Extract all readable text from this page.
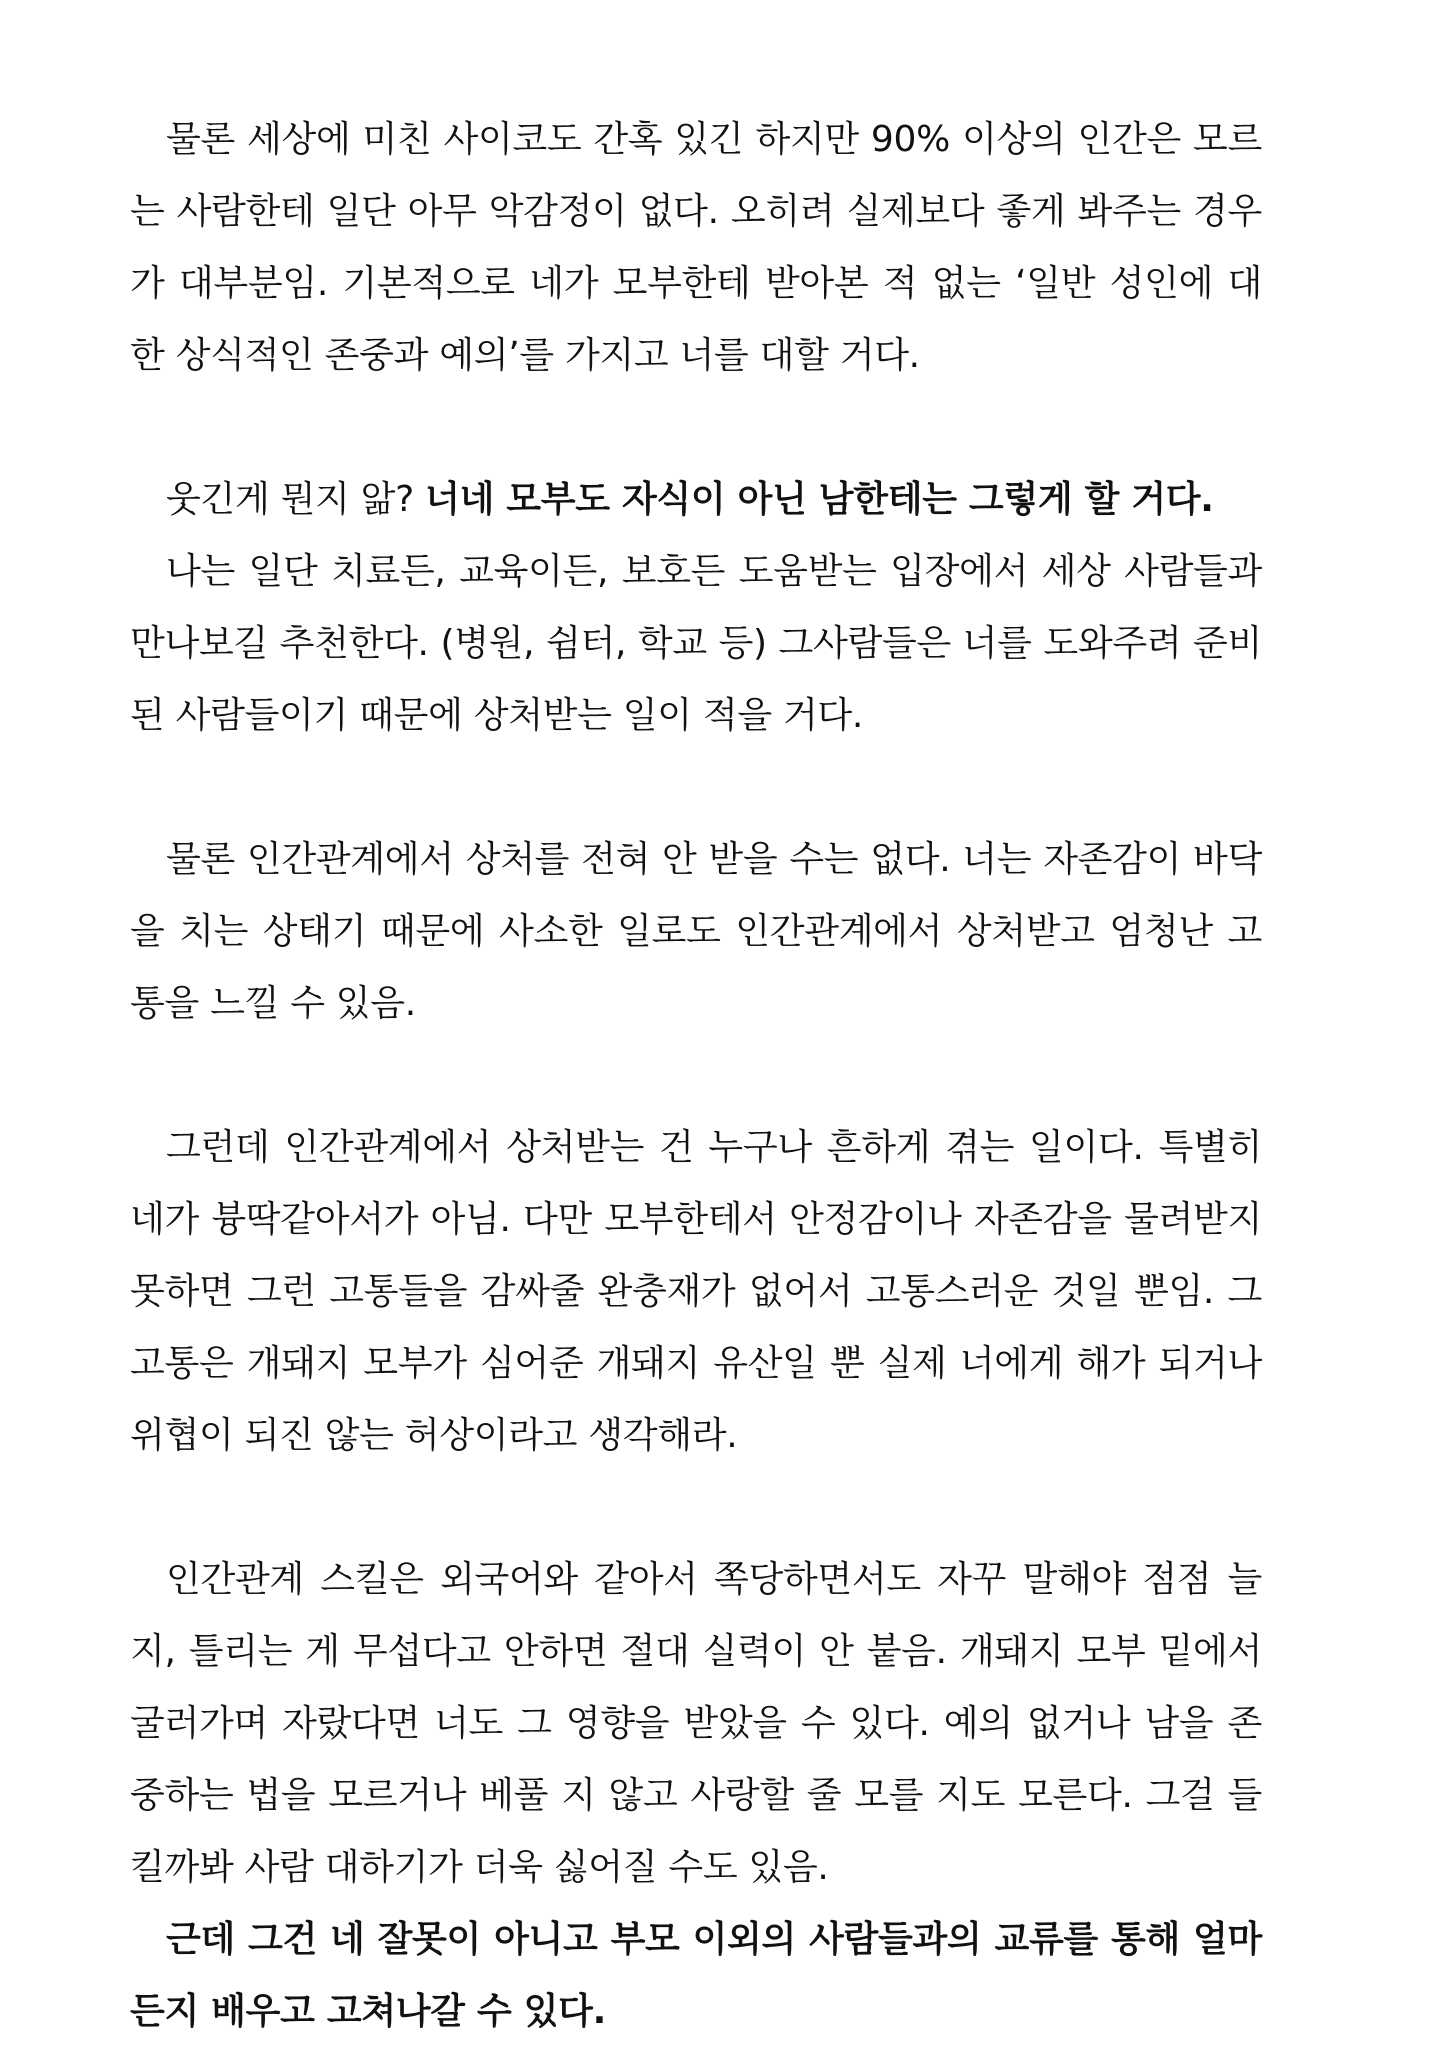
물론 세상에 미친 사이코도 간혹 있긴 하지만 90% 이상의 인간은 모르는 사람한테 일단 아무 악감정이 없다. 오히려 실제보다 좋게 봐주는 경우가 대부분임. 기본적으로 네가 모부한테 받아본 적 없는 ‘일반 성인에 대한 상식적인 존중과 예의’를 가지고 너를 대할 거다.

웃긴게 뭔지 앎? 너네 모부도 자식이 아닌 남한테는 그렇게 할 거다.

나는 일단 치료든, 교육이든, 보호든 도움받는 입장에서 세상 사람들과 만나보길 추천한다. (병원, 쉼터, 학교 등) 그사람들은 너를 도와주려 준비된 사람들이기 때문에 상처받는 일이 적을 거다.

물론 인간관계에서 상처를 전혀 안 받을 수는 없다. 너는 자존감이 바닥을 치는 상태기 때문에 사소한 일로도 인간관계에서 상처받고 엄청난 고통을 느낄 수 있음.

그런데 인간관계에서 상처받는 건 누구나 흔하게 겪는 일이다. 특별히 네가 븅딱같아서가 아님. 다만 모부한테서 안정감이나 자존감을 물려받지 못하면 그런 고통들을 감싸줄 완충재가 없어서 고통스러운 것일 뿐임. 그 고통은 개돼지 모부가 심어준 개돼지 유산일 뿐 실제 너에게 해가 되거나 위협이 되진 않는 허상이라고 생각해라.

인간관계 스킬은 외국어와 같아서 쪽당하면서도 자꾸 말해야 점점 늘지, 틀리는 게 무섭다고 안하면 절대 실력이 안 붙음. 개돼지 모부 밑에서 굴러가며 자랐다면 너도 그 영향을 받았을 수 있다. 예의 없거나 남을 존중하는 법을 모르거나 베풀 지 않고 사랑할 줄 모를 지도 모른다. 그걸 들킬까봐 사람 대하기가 더욱 싫어질 수도 있음.

근데 그건 네 잘못이 아니고 부모 이외의 사람들과의 교류를 통해 얼마든지 배우고 고쳐나갈 수 있다.
